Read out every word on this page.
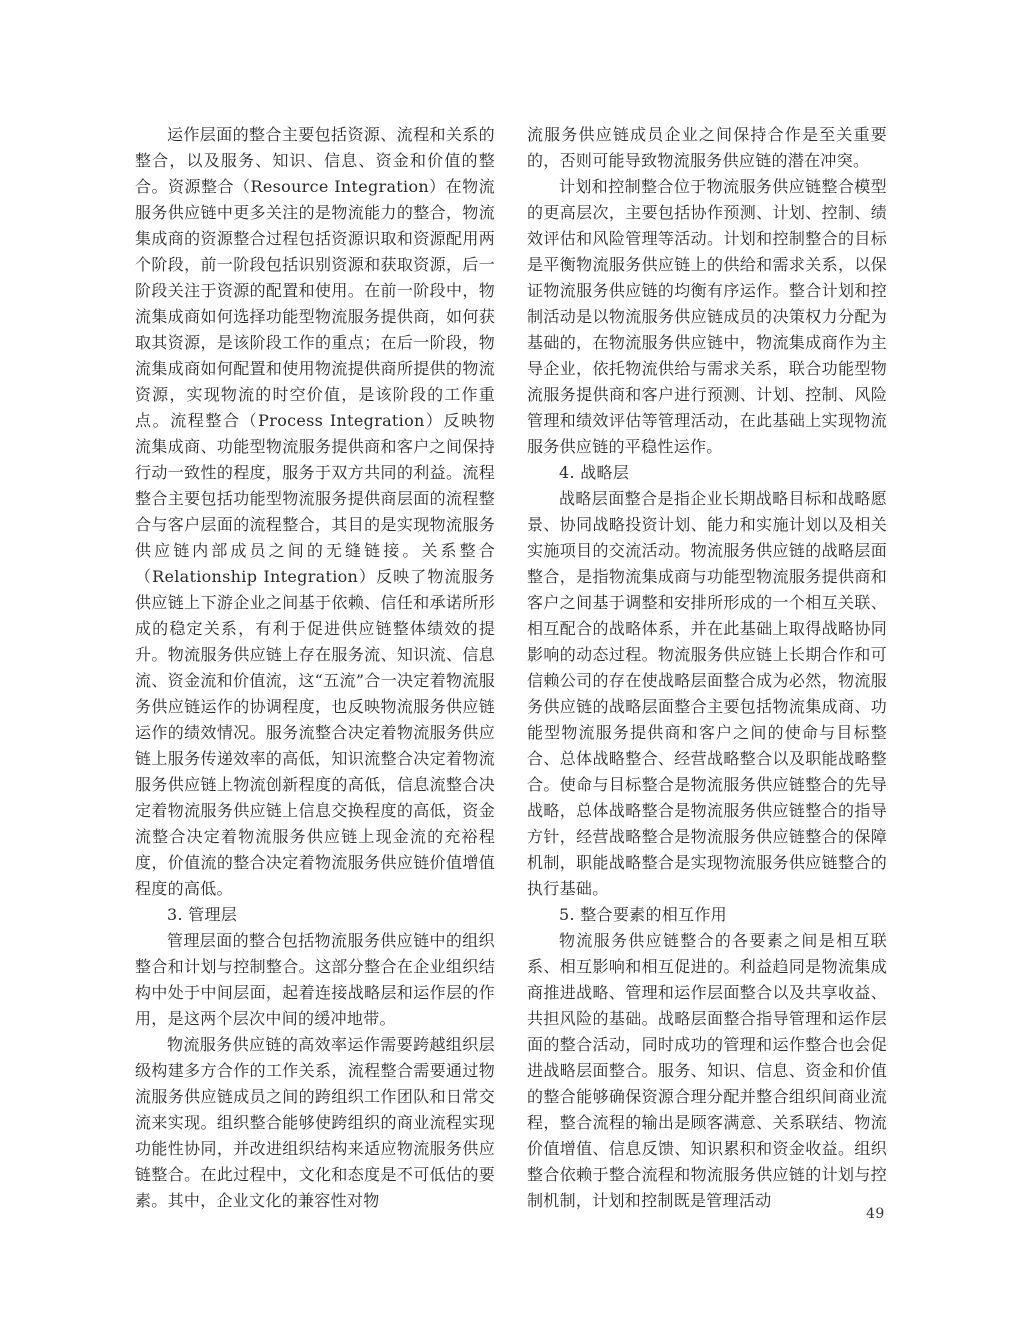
运作层面的整合主要包括资源、流程和关系的整合，以及服务、知识、信息、资金和价值的整合。资源整合（Resource Integration）在物流服务供应链中更多关注的是物流能力的整合，物流集成商的资源整合过程包括资源识取和资源配用两个阶段，前一阶段包括识别资源和获取资源，后一阶段关注于资源的配置和使用。在前一阶段中，物流集成商如何选择功能型物流服务提供商，如何获取其资源，是该阶段工作的重点；在后一阶段，物流集成商如何配置和使用物流提供商所提供的物流资源，实现物流的时空价值，是该阶段的工作重点。流程整合（Process Integration）反映物流集成商、功能型物流服务提供商和客户之间保持行动一致性的程度，服务于双方共同的利益。流程整合主要包括功能型物流服务提供商层面的流程整合与客户层面的流程整合，其目的是实现物流服务供应链内部成员之间的无缝链接。关系整合（Relationship Integration）反映了物流服务供应链上下游企业之间基于依赖、信任和承诺所形成的稳定关系，有利于促进供应链整体绩效的提升。物流服务供应链上存在服务流、知识流、信息流、资金流和价值流，这“五流”合一决定着物流服务供应链运作的协调程度，也反映物流服务供应链运作的绩效情况。服务流整合决定着物流服务供应链上服务传递效率的高低，知识流整合决定着物流服务供应链上物流创新程度的高低，信息流整合决定着物流服务供应链上信息交换程度的高低，资金流整合决定着物流服务供应链上现金流的充裕程度，价值流的整合决定着物流服务供应链价值增值程度的高低。

3. 管理层

管理层面的整合包括物流服务供应链中的组织整合和计划与控制整合。这部分整合在企业组织结构中处于中间层面，起着连接战略层和运作层的作用，是这两个层次中间的缓冲地带。

物流服务供应链的高效率运作需要跨越组织层级构建多方合作的工作关系，流程整合需要通过物流服务供应链成员之间的跨组织工作团队和日常交流来实现。组织整合能够使跨组织的商业流程实现功能性协同，并改进组织结构来适应物流服务供应链整合。在此过程中，文化和态度是不可低估的要素。其中，企业文化的兼容性对物

流服务供应链成员企业之间保持合作是至关重要的，否则可能导致物流服务供应链的潜在冲突。

计划和控制整合位于物流服务供应链整合模型的更高层次，主要包括协作预测、计划、控制、绩效评估和风险管理等活动。计划和控制整合的目标是平衡物流服务供应链上的供给和需求关系，以保证物流服务供应链的均衡有序运作。整合计划和控制活动是以物流服务供应链成员的决策权力分配为基础的，在物流服务供应链中，物流集成商作为主导企业，依托物流供给与需求关系，联合功能型物流服务提供商和客户进行预测、计划、控制、风险管理和绩效评估等管理活动，在此基础上实现物流服务供应链的平稳性运作。

4. 战略层

战略层面整合是指企业长期战略目标和战略愿景、协同战略投资计划、能力和实施计划以及相关实施项目的交流活动。物流服务供应链的战略层面整合，是指物流集成商与功能型物流服务提供商和客户之间基于调整和安排所形成的一个相互关联、相互配合的战略体系，并在此基础上取得战略协同影响的动态过程。物流服务供应链上长期合作和可信赖公司的存在使战略层面整合成为必然，物流服务供应链的战略层面整合主要包括物流集成商、功能型物流服务提供商和客户之间的使命与目标整合、总体战略整合、经营战略整合以及职能战略整合。使命与目标整合是物流服务供应链整合的先导战略，总体战略整合是物流服务供应链整合的指导方针，经营战略整合是物流服务供应链整合的保障机制，职能战略整合是实现物流服务供应链整合的执行基础。

5. 整合要素的相互作用

物流服务供应链整合的各要素之间是相互联系、相互影响和相互促进的。利益趋同是物流集成商推进战略、管理和运作层面整合以及共享收益、共担风险的基础。战略层面整合指导管理和运作层面的整合活动，同时成功的管理和运作整合也会促进战略层面整合。服务、知识、信息、资金和价值的整合能够确保资源合理分配并整合组织间商业流程，整合流程的输出是顾客满意、关系联结、物流价值增值、信息反馈、知识累积和资金收益。组织整合依赖于整合流程和物流服务供应链的计划与控制机制，计划和控制既是管理活动

49
